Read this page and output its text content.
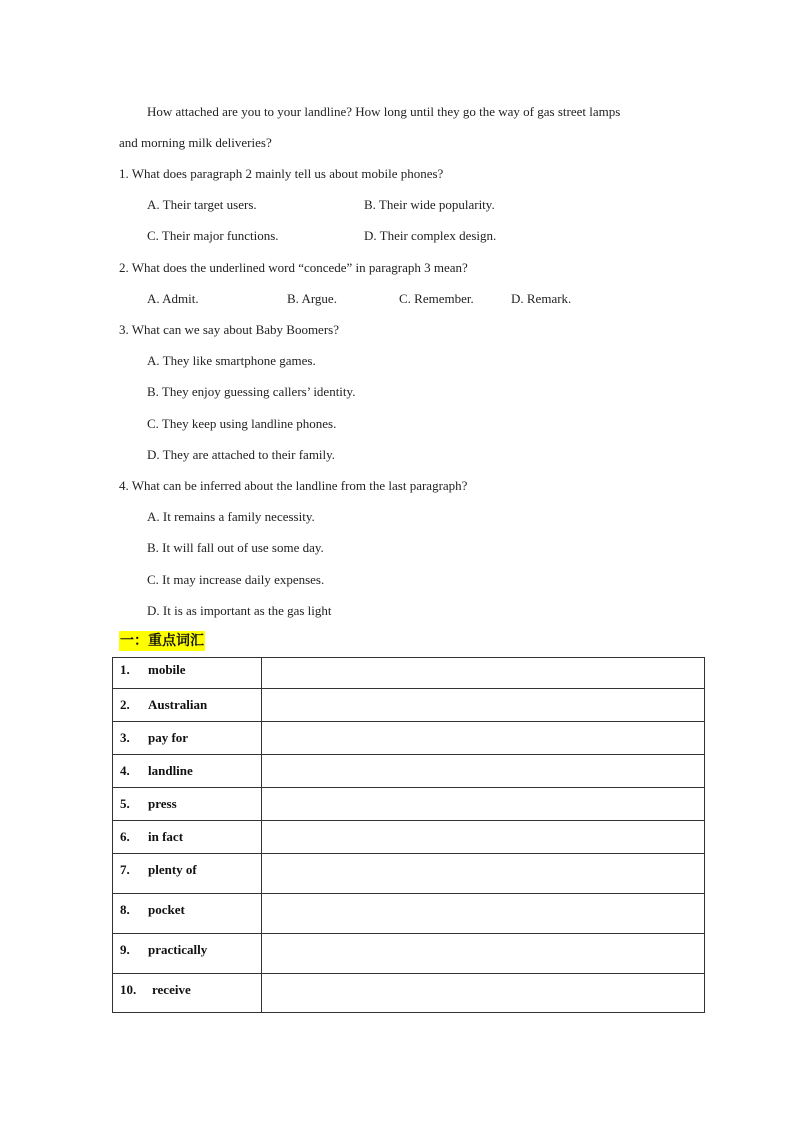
How attached are you to your landline? How long until they go the way of gas street lamps
and morning milk deliveries?
1. What does paragraph 2 mainly tell us about mobile phones?
A. Their target users.	B. Their wide popularity.
C. Their major functions.	D. Their complex design.
2. What does the underlined word “concede” in paragraph 3 mean?
A. Admit.	B. Argue.	C. Remember.	D. Remark.
3. What can we say about Baby Boomers?
A. They like smartphone games.
B. They enjoy guessing callers’ identity.
C. They keep using landline phones.
D. They are attached to their family.
4. What can be inferred about the landline from the last paragraph?
A. It remains a family necessity.
B. It will fall out of use some day.
C. It may increase daily expenses.
D. It is as important as the gas light
一：重点词汇
1. mobile	

2. Australian	

3. pay for	

4. landline	

5. press	

6. in fact	

7. plenty of	

8. pocket	

9. practically	

10. receive	
